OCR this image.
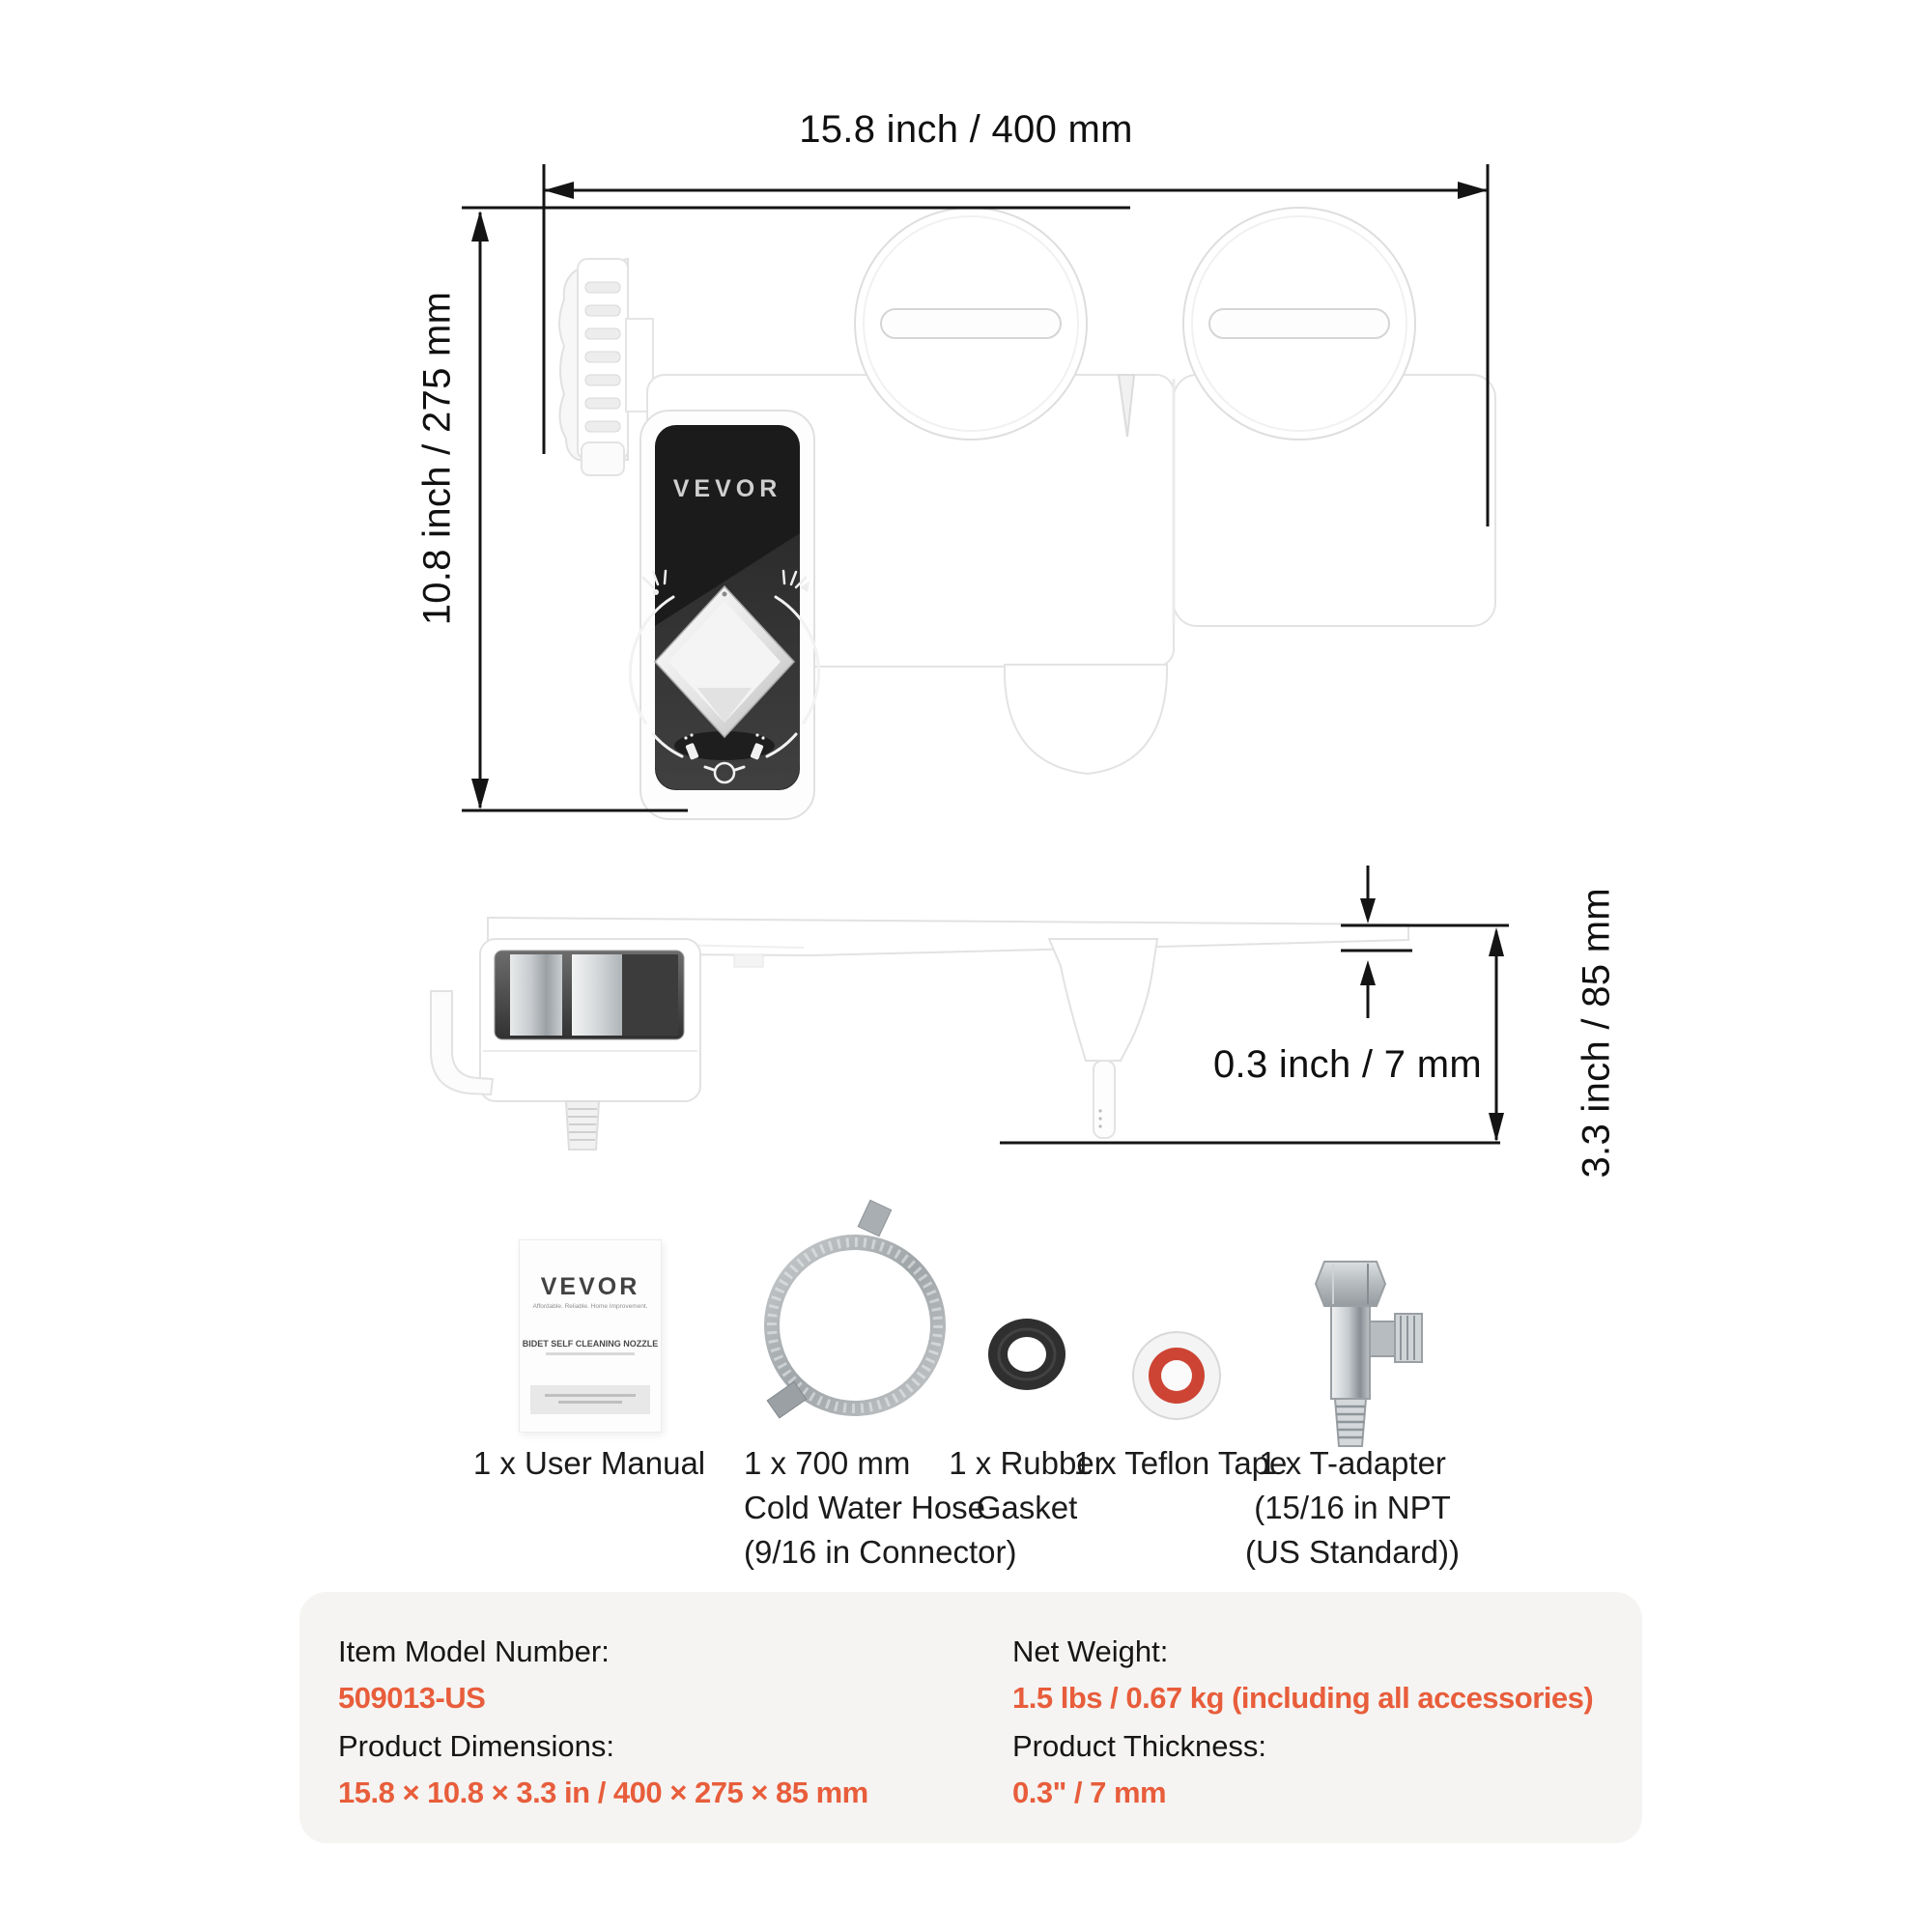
VEVOR
15.8 inch / 400 mm
10.8 inch / 275 mm
0.3 inch / 7 mm 3.3 inch / 85 mm
VEVOR
Affordable. Reliable. Home Improvement.
BIDET SELF CLEANING NOZZLE
1 x User Manual	1 x 700 mm
Cold Water Hose
(9/16 in Connector)
1 x Rubber
Gasket
1 x Teflon Tape
1 x T-adapter
(15/16 in NPT
(US Standard))
Item Model Number:
509013-US
Product Dimensions:
15.8 × 10.8 × 3.3 in / 400 × 275 × 85 mm
Net Weight:
1.5 lbs / 0.67 kg (including all accessories)
Product Thickness:
0.3" / 7 mm
